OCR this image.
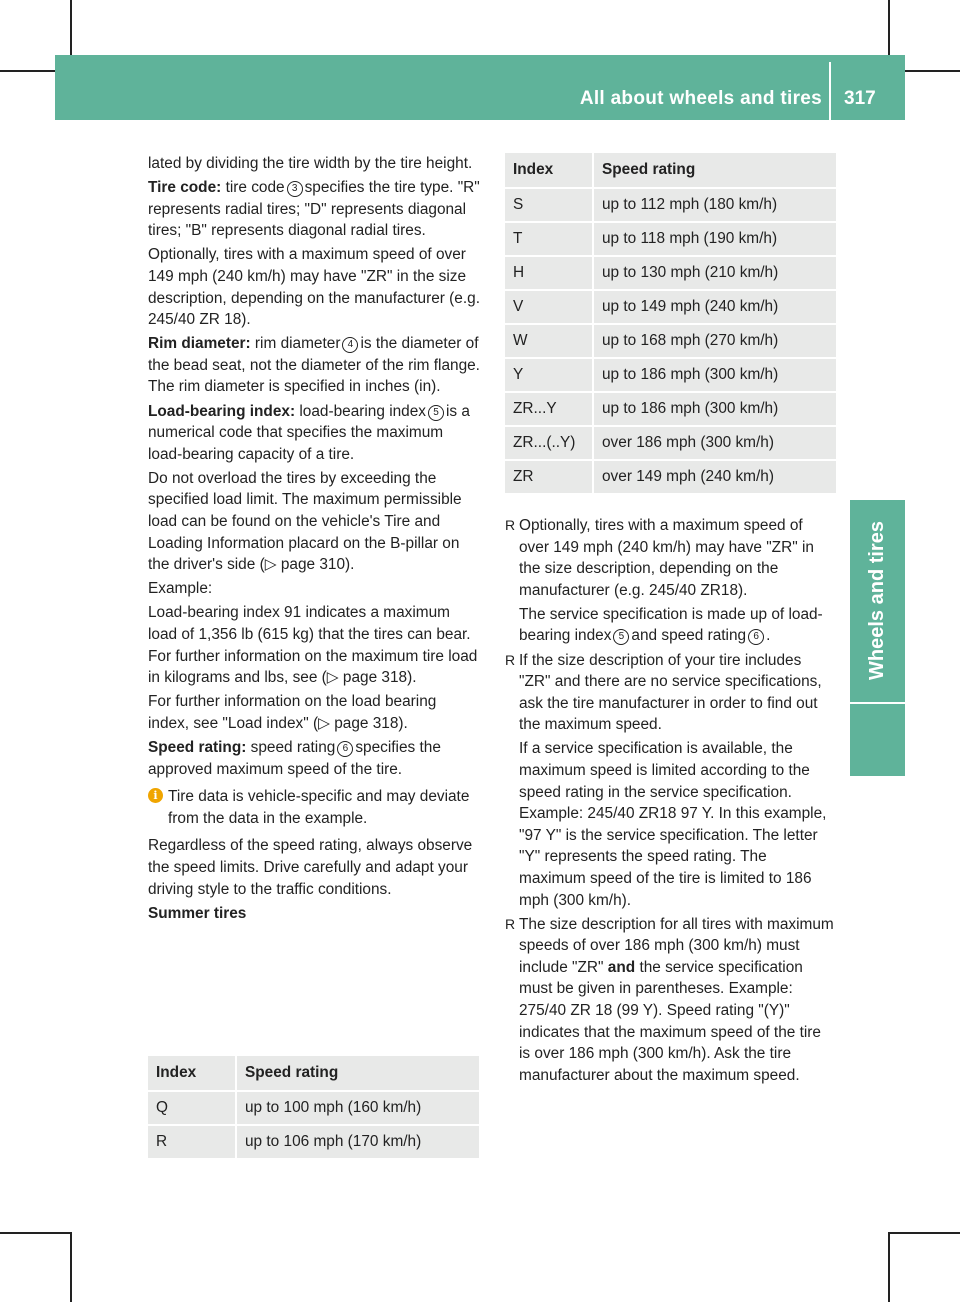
All about wheels and tires 317
Wheels and tires

lated by dividing the tire width by the tire height.

Tire code: tire code 3 specifies the tire type. "R" represents radial tires; "D" represents diagonal tires; "B" represents diagonal radial tires.

Optionally, tires with a maximum speed of over 149 mph (240 km/h) may have "ZR" in the size description, depending on the manufacturer (e.g. 245/40 ZR 18).

Rim diameter: rim diameter 4 is the diameter of the bead seat, not the diameter of the rim flange. The rim diameter is specified in inches (in).

Load-bearing index: load-bearing index 5 is a numerical code that specifies the maximum load-bearing capacity of a tire.

Do not overload the tires by exceeding the specified load limit. The maximum permissible load can be found on the vehicle's Tire and Loading Information placard on the B-pillar on the driver's side (▷ page 310).

Example:

Load-bearing index 91 indicates a maximum load of 1,356 lb (615 kg) that the tires can bear. For further information on the maximum tire load in kilograms and lbs, see (▷ page 318).

For further information on the load bearing index, see "Load index" (▷ page 318).

Speed rating: speed rating 6 specifies the approved maximum speed of the tire.

i Tire data is vehicle-specific and may deviate from the data in the example.

Regardless of the speed rating, always observe the speed limits. Drive carefully and adapt your driving style to the traffic conditions.

Summer tires

Index	Speed rating
Q	up to 100 mph (160 km/h)
R	up to 106 mph (170 km/h)
Index	Speed rating
S	up to 112 mph (180 km/h)
T	up to 118 mph (190 km/h)
H	up to 130 mph (210 km/h)
V	up to 149 mph (240 km/h)
W	up to 168 mph (270 km/h)
Y	up to 186 mph (300 km/h)
ZR...Y	up to 186 mph (300 km/h)
ZR...(..Y)	over 186 mph (300 km/h)
ZR	over 149 mph (240 km/h)

R Optionally, tires with a maximum speed of over 149 mph (240 km/h) may have "ZR" in the size description, depending on the manufacturer (e.g. 245/40 ZR18).

The service specification is made up of load-bearing index 5 and speed rating 6 .

R If the size description of your tire includes "ZR" and there are no service specifications, ask the tire manufacturer in order to find out the maximum speed.

If a service specification is available, the maximum speed is limited according to the speed rating in the service specification. Example: 245/40 ZR18 97 Y. In this example, "97 Y" is the service specification. The letter "Y" represents the speed rating. The maximum speed of the tire is limited to 186 mph (300 km/h).

R The size description for all tires with maximum speeds of over 186 mph (300 km/h) must include "ZR" and the service specification must be given in parentheses. Example: 275/40 ZR 18 (99 Y). Speed rating "(Y)" indicates that the maximum speed of the tire is over 186 mph (300 km/h). Ask the tire manufacturer about the maximum speed.
